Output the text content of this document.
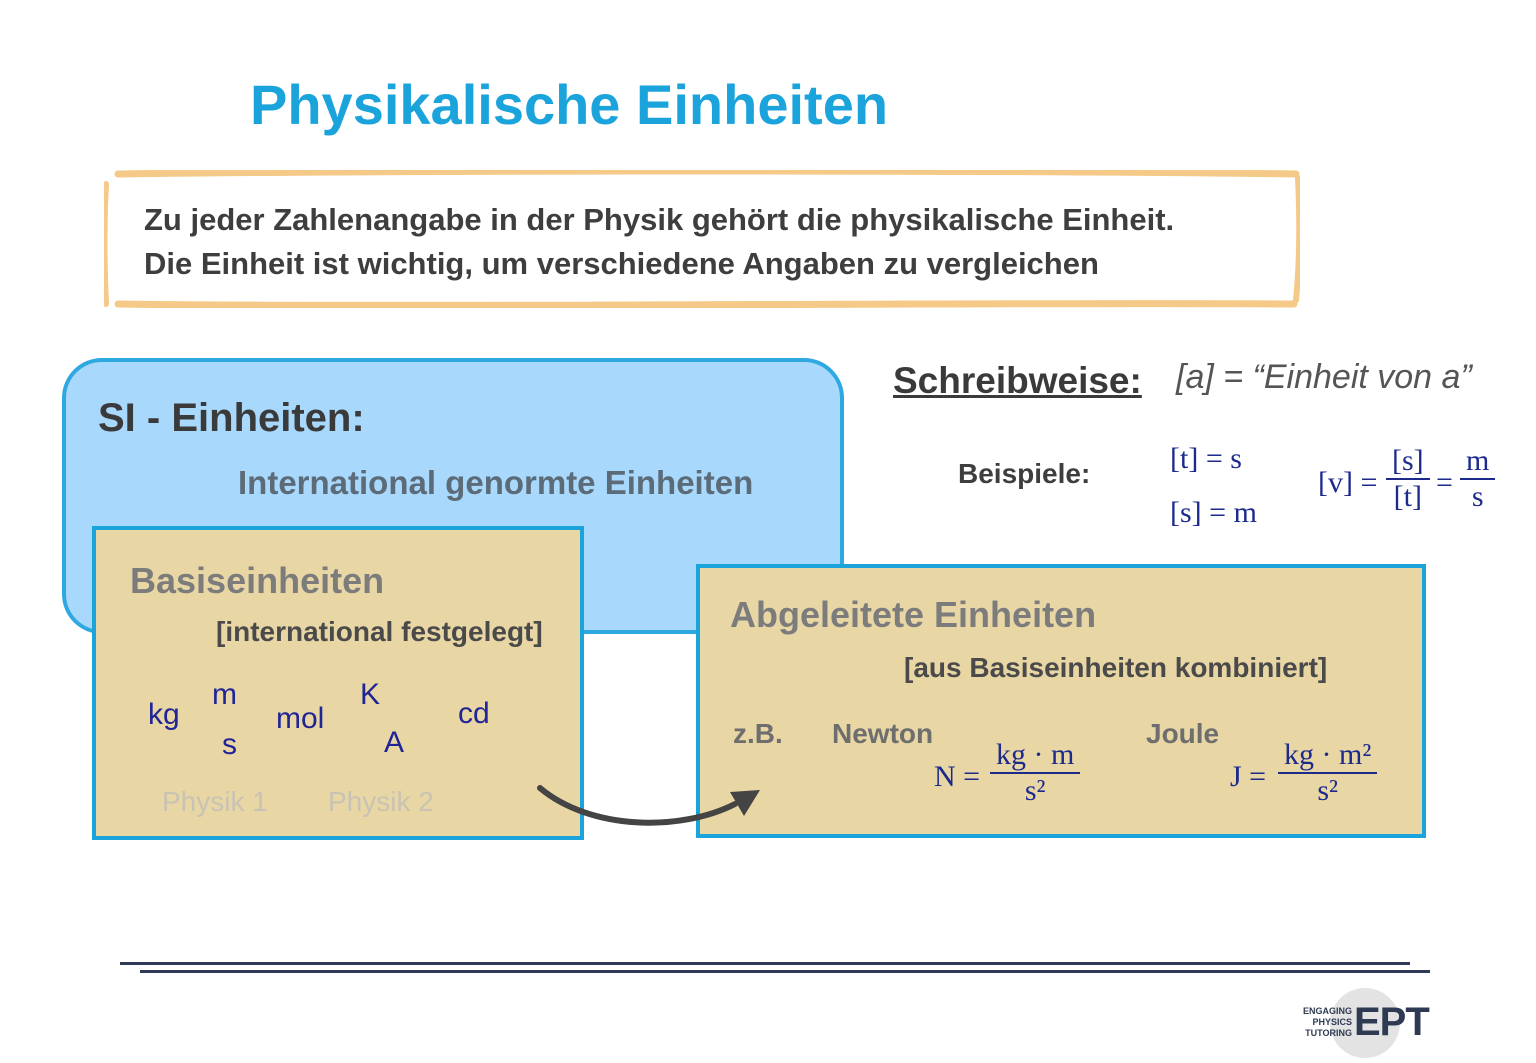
Physikalische Einheiten
Zu jeder Zahlenangabe in der Physik gehört die physikalische Einheit.
Die Einheit ist wichtig, um verschiedene Angaben zu vergleichen
SI - Einheiten:
International genormte Einheiten
Basiseinheiten
[international festgelegt]
kg
m
s
mol
K
A
cd
Physik 1 Physik 2
Abgeleitete Einheiten
[aus Basiseinheiten kombiniert]
z.B. Newton	Joule
N =
kg · m
s²	J =
kg · m²
s²
Schreibweise: [a] = “Einheit von a”
Beispiele:	[t] = s
[s] = m
[v] =
[s]
[t] =
m
s
ENGAGING
PHYSICS
TUTORING EPT
